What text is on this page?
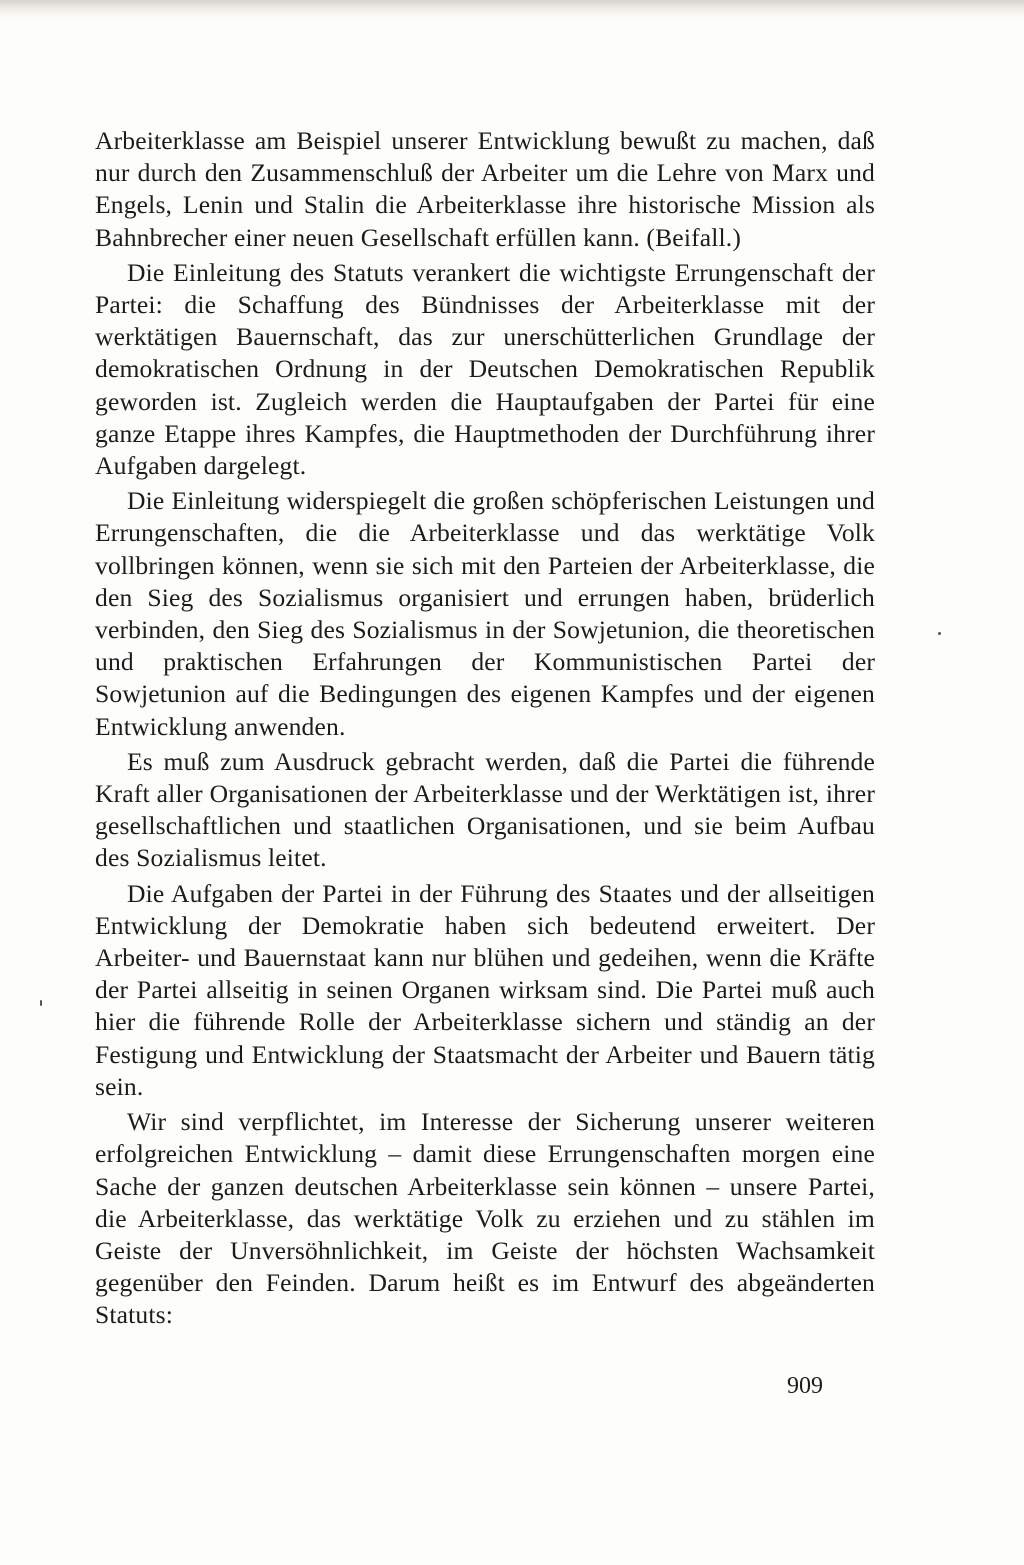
Arbeiterklasse am Beispiel unserer Entwicklung bewußt zu machen, daß nur durch den Zusammenschluß der Arbeiter um die Lehre von Marx und Engels, Lenin und Stalin die Arbeiterklasse ihre historische Mission als Bahnbrecher einer neuen Gesellschaft erfüllen kann. (Beifall.)

Die Einleitung des Statuts verankert die wichtigste Errungenschaft der Partei: die Schaffung des Bündnisses der Arbeiterklasse mit der werktätigen Bauernschaft, das zur unerschütterlichen Grundlage der demokratischen Ordnung in der Deutschen Demokratischen Republik geworden ist. Zugleich werden die Hauptaufgaben der Partei für eine ganze Etappe ihres Kampfes, die Hauptmethoden der Durchführung ihrer Aufgaben dargelegt.

Die Einleitung widerspiegelt die großen schöpferischen Leistungen und Errungenschaften, die die Arbeiterklasse und das werktätige Volk vollbringen können, wenn sie sich mit den Parteien der Arbeiterklasse, die den Sieg des Sozialismus organisiert und errungen haben, brüderlich verbinden, den Sieg des Sozialismus in der Sowjetunion, die theoretischen und praktischen Erfahrungen der Kommunistischen Partei der Sowjetunion auf die Bedingungen des eigenen Kampfes und der eigenen Entwicklung anwenden.

Es muß zum Ausdruck gebracht werden, daß die Partei die führende Kraft aller Organisationen der Arbeiterklasse und der Werktätigen ist, ihrer gesellschaftlichen und staatlichen Organisationen, und sie beim Aufbau des Sozialismus leitet.

Die Aufgaben der Partei in der Führung des Staates und der allseitigen Entwicklung der Demokratie haben sich bedeutend erweitert. Der Arbeiter- und Bauernstaat kann nur blühen und gedeihen, wenn die Kräfte der Partei allseitig in seinen Organen wirksam sind. Die Partei muß auch hier die führende Rolle der Arbeiterklasse sichern und ständig an der Festigung und Entwicklung der Staatsmacht der Arbeiter und Bauern tätig sein.

Wir sind verpflichtet, im Interesse der Sicherung unserer weiteren erfolgreichen Entwicklung – damit diese Errungenschaften morgen eine Sache der ganzen deutschen Arbeiterklasse sein können – unsere Partei, die Arbeiterklasse, das werktätige Volk zu erziehen und zu stählen im Geiste der Unversöhnlichkeit, im Geiste der höchsten Wachsamkeit gegenüber den Feinden. Darum heißt es im Entwurf des abgeänderten Statuts:

909
